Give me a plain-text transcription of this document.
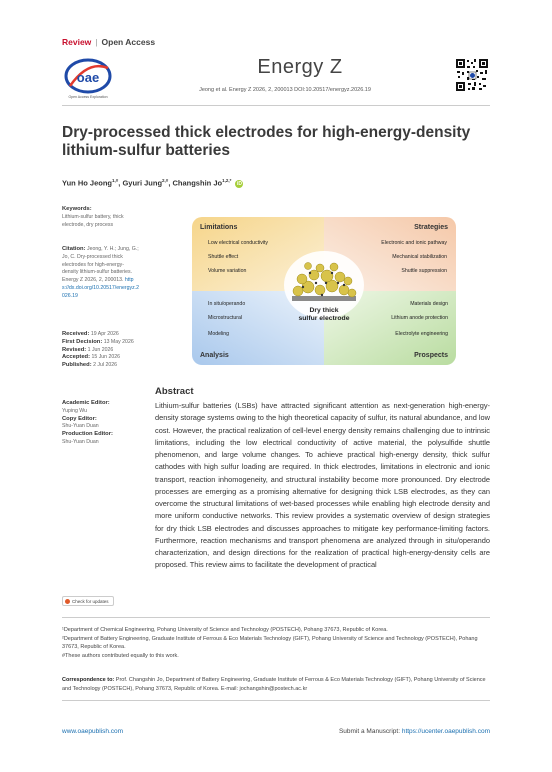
Review | Open Access
oae
Open Access Exploration
Energy Z
Jeong et al. Energy Z 2026, 2, 200013 DOI:10.20517/energyz.2026.19
Dry-processed thick electrodes for high-energy-density lithium-sulfur batteries
Yun Ho Jeong$^{1,\#}$, Gyuri Jung$^{2,\#}$, Changshin $Jo^{1,2,*}$ iD
Keywords:
Lithium-sulfur battery, thick electrode, dry process
Citation: Jeong, Y. H.; Jung, G.; Jo, C. Dry-processed thick electrodes for high-energy-density lithium-sulfur batteries. Energy Z 2026, 2, 200013. https://dx.doi.org/10.20517/energyz.2026.19
Received: 19 Apr 2026
First Decision: 13 May 2026
Revised: 1 Jun 2026
Accepted: 15 Jun 2026
Published: 2 Jul 2026
Academic Editor:
Yuping Wu
Copy Editor:
Shu-Yuan Duan
Production Editor:
Shu-Yuan Duan
Check for updates
Limitations	Strategies
Analysis	Prospects
Low electrical conductivity
Shuttle effect
Volume variation
Electronic and ionic pathway
Mechanical stabilization
Shuttle suppression
In situ/operando
Microstructural
Modeling
Materials design
Lithium anode protection
Electrolyte engineering
Dry thick
sulfur electrode
Abstract
Lithium-sulfur batteries (LSBs) have attracted significant attention as next-generation high-energy-density storage systems owing to the high theoretical capacity of sulfur, its natural abundance, and low cost. However, the practical realization of cell-level energy density remains challenging due to intrinsic limitations, including the low electrical conductivity of active material, the polysulfide shuttle phenomenon, and large volume changes. To achieve practical high-energy density, thick sulfur cathodes with high sulfur loading are required. In thick electrodes, limitations in electronic and ionic transport, reaction inhomogeneity, and structural instability become more pronounced. Dry electrode processes are emerging as a promising alternative for designing thick LSB electrodes, as they can overcome the structural limitations of wet-based processes while enabling high electrode density and more uniform conductive networks. This review provides a systematic overview of design strategies for dry thick LSB electrodes and discusses approaches to mitigate key performance-limiting factors. Furthermore, reaction mechanisms and transport phenomena are analyzed through in situ/operando characterization, and design directions for the realization of practical high-energy-density cells are proposed. This review aims to facilitate the development of practical
¹Department of Chemical Engineering, Pohang University of Science and Technology (POSTECH), Pohang 37673, Republic of Korea.
²Department of Battery Engineering, Graduate Institute of Ferrous & Eco Materials Technology (GIFT), Pohang University of Science and Technology (POSTECH), Pohang 37673, Republic of Korea.
#These authors contributed equally to this work.
Correspondence to: Prof. Changshin Jo, Department of Battery Engineering, Graduate Institute of Ferrous & Eco Materials Technology (GIFT), Pohang University of Science and Technology (POSTECH), Pohang 37673, Republic of Korea. E-mail: jochangshin@postech.ac.kr
www.oaepublish.com	Submit a Manuscript: https://ucenter.oaepublish.com
